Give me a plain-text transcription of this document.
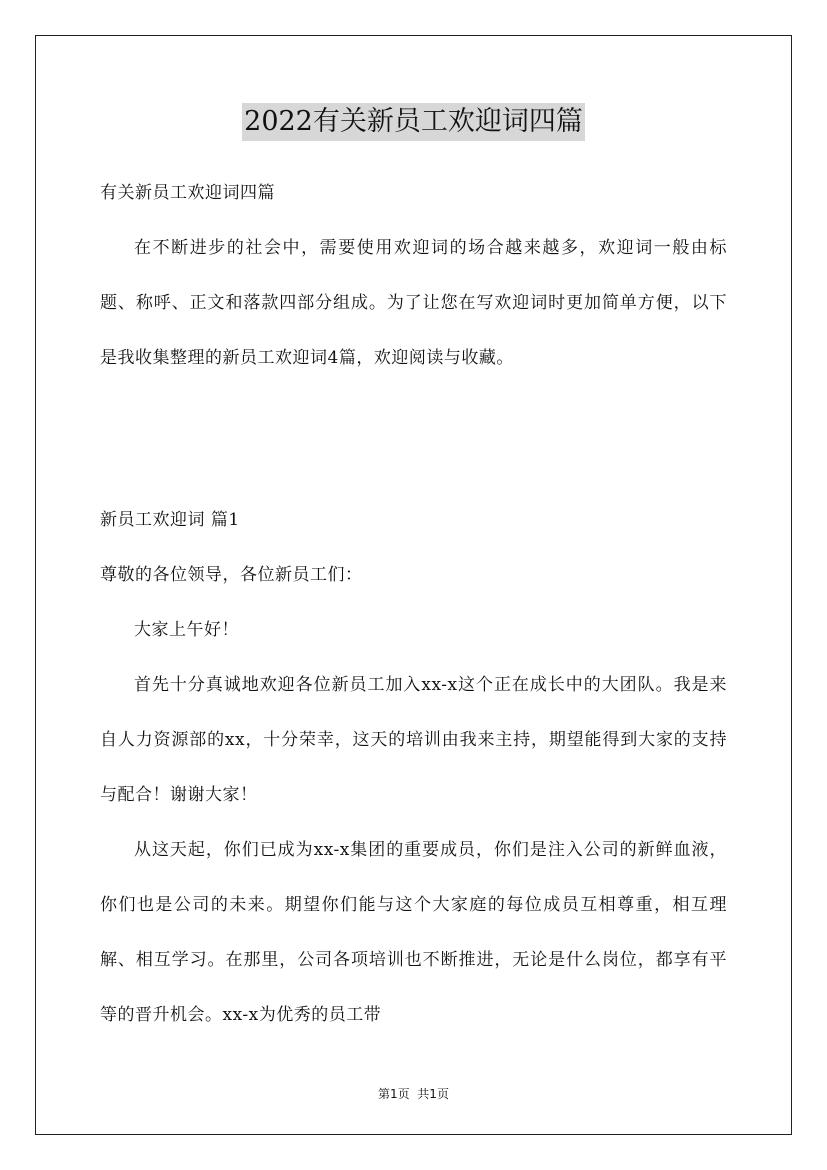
2022有关新员工欢迎词四篇

有关新员工欢迎词四篇

在不断进步的社会中，需要使用欢迎词的场合越来越多，欢迎词一般由标题、称呼、正文和落款四部分组成。为了让您在写欢迎词时更加简单方便，以下是我收集整理的新员工欢迎词4篇，欢迎阅读与收藏。

新员工欢迎词 篇1

尊敬的各位领导，各位新员工们：

大家上午好！

首先十分真诚地欢迎各位新员工加入xx-x这个正在成长中的大团队。我是来自人力资源部的xx，十分荣幸，这天的培训由我来主持，期望能得到大家的支持与配合！谢谢大家！

从这天起，你们已成为xx-x集团的重要成员，你们是注入公司的新鲜血液，你们也是公司的未来。期望你们能与这个大家庭的每位成员互相尊重，相互理解、相互学习。在那里，公司各项培训也不断推进，无论是什么岗位，都享有平等的晋升机会。xx-x为优秀的员工带

第1页  共1页
